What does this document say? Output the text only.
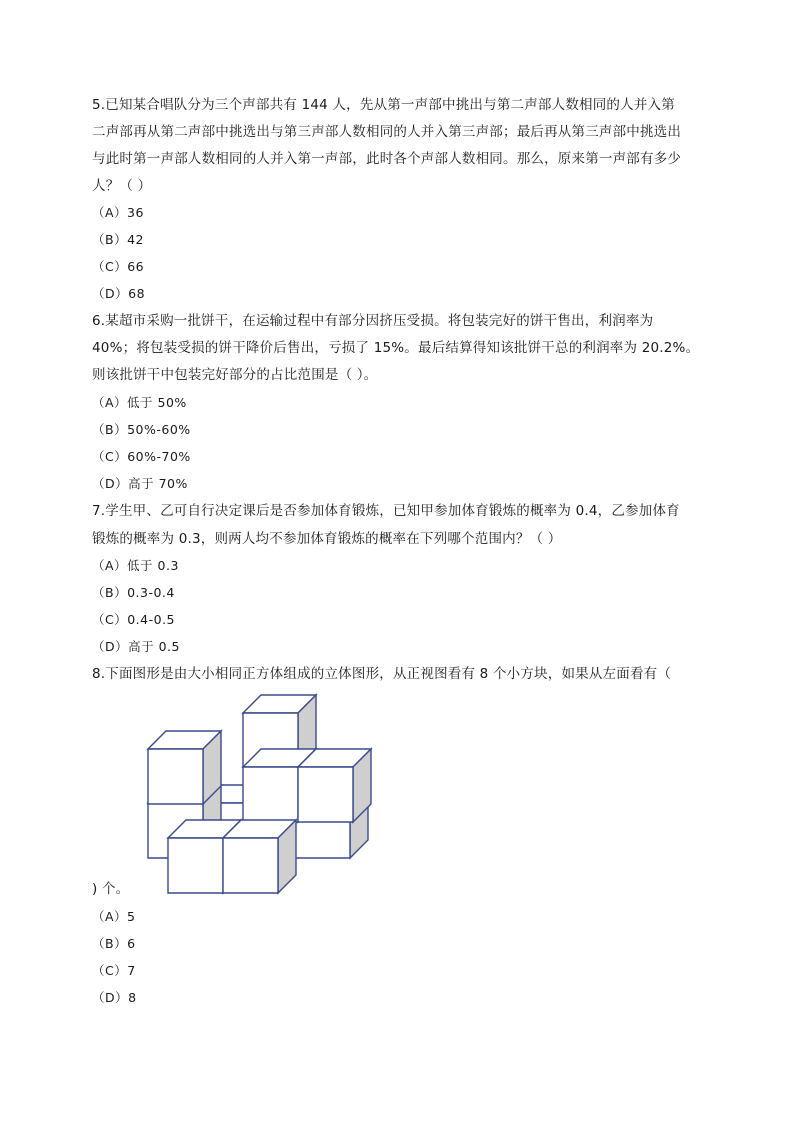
5.已知某合唱队分为三个声部共有 144 人，先从第一声部中挑出与第二声部人数相同的人并入第
二声部再从第二声部中挑选出与第三声部人数相同的人并入第三声部；最后再从第三声部中挑选出
与此时第一声部人数相同的人并入第一声部，此时各个声部人数相同。那么，原来第一声部有多少
人？（ ）
（A）36
（B）42
（C）66
（D）68
6.某超市采购一批饼干，在运输过程中有部分因挤压受损。将包装完好的饼干售出，利润率为
40%；将包装受损的饼干降价后售出，亏损了 15%。最后结算得知该批饼干总的利润率为 20.2%。
则该批饼干中包装完好部分的占比范围是（ ）。
（A）低于 50%
（B）50%-60%
（C）60%-70%
（D）高于 70%
7.学生甲、乙可自行决定课后是否参加体育锻炼，已知甲参加体育锻炼的概率为 0.4，乙参加体育
锻炼的概率为 0.3，则两人均不参加体育锻炼的概率在下列哪个范围内？（ ）
（A）低于 0.3
（B）0.3-0.4
（C）0.4-0.5
（D）高于 0.5
8.下面图形是由大小相同正方体组成的立体图形，从正视图看有 8 个小方块，如果从左面看有（
) 个。
（A）5
（B）6
（C）7
（D）8
